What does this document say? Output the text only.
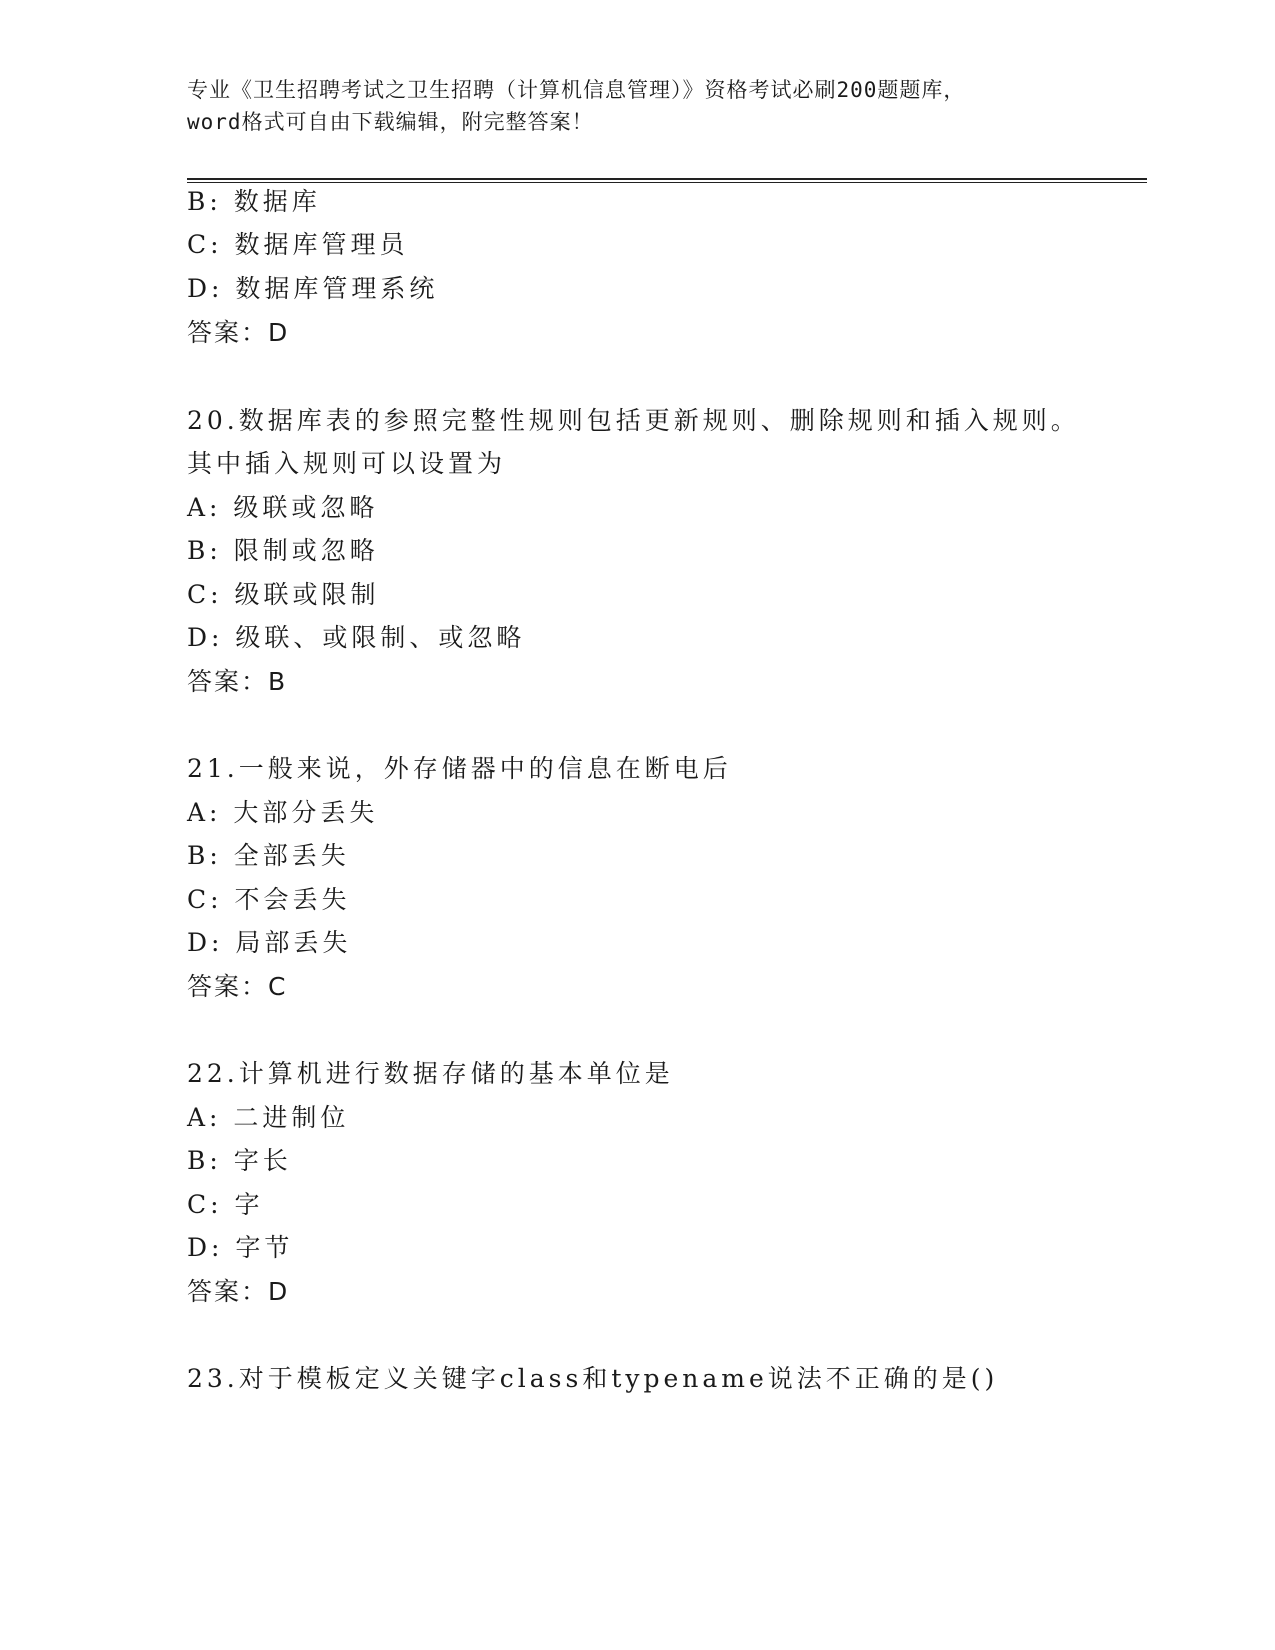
专业《卫生招聘考试之卫生招聘（计算机信息管理）》资格考试必刷200题题库，
word格式可自由下载编辑，附完整答案！
B: 数据库
C: 数据库管理员
D: 数据库管理系统
答案：D
20.数据库表的参照完整性规则包括更新规则、删除规则和插入规则。
其中插入规则可以设置为
A: 级联或忽略
B: 限制或忽略
C: 级联或限制
D: 级联、或限制、或忽略
答案：B
21.一般来说，外存储器中的信息在断电后
A: 大部分丢失
B: 全部丢失
C: 不会丢失
D: 局部丢失
答案：C
22.计算机进行数据存储的基本单位是
A: 二进制位
B: 字长
C: 字
D: 字节
答案：D
23.对于模板定义关键字class和typename说法不正确的是()
